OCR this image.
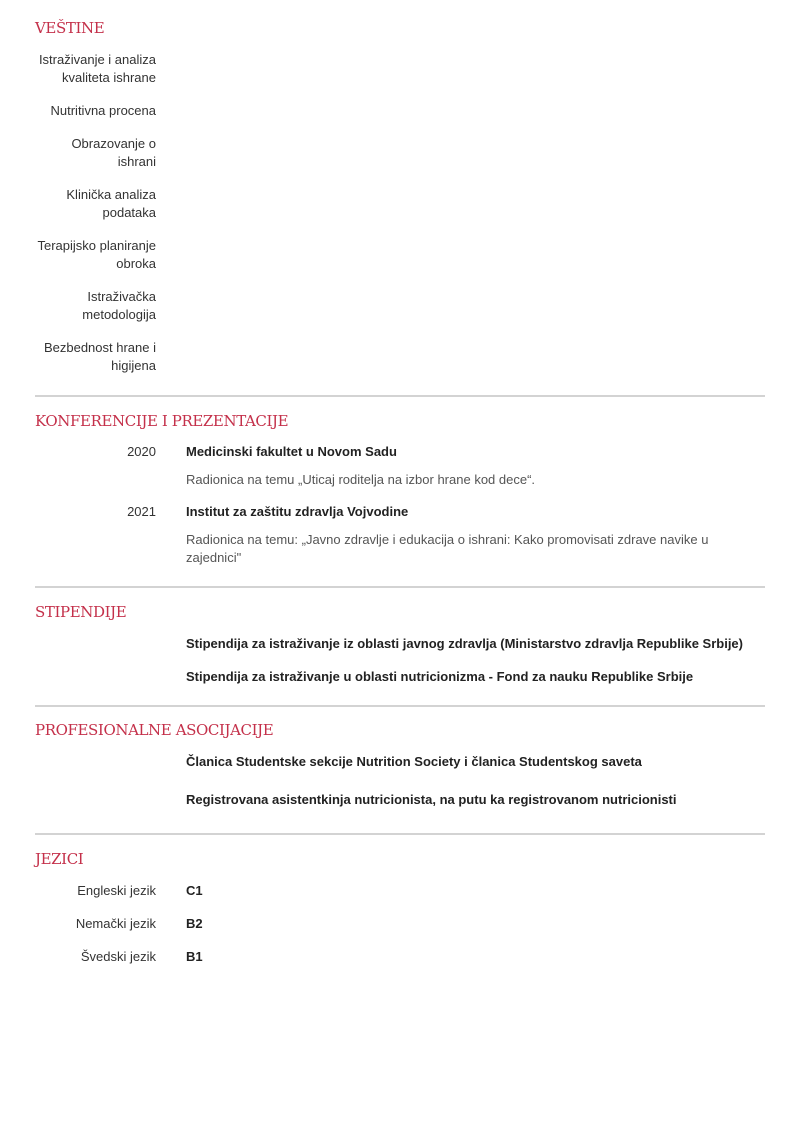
VEŠTINE
Istraživanje i analiza kvaliteta ishrane
Nutritivna procena
Obrazovanje o ishrani
Klinička analiza podataka
Terapijsko planiranje obroka
Istraživačka metodologija
Bezbednost hrane i higijena
KONFERENCIJE I PREZENTACIJE
2020 Medicinski fakultet u Novom Sadu
Radionica na temu „Uticaj roditelja na izbor hrane kod dece“.
2021 Institut za zaštitu zdravlja Vojvodine
Radionica na temu: „Javno zdravlje i edukacija o ishrani: Kako promovisati zdrave navike u zajednici"
STIPENDIJE
Stipendija za istraživanje iz oblasti javnog zdravlja (Ministarstvo zdravlja Republike Srbije)
Stipendija za istraživanje u oblasti nutricionizma - Fond za nauku Republike Srbije
PROFESIONALNE ASOCIJACIJE
Članica Studentske sekcije Nutrition Society i članica Studentskog saveta
Registrovana asistentkinja nutricionista, na putu ka registrovanom nutricionisti
JEZICI
Engleski jezik C1
Nemački jezik B2
Švedski jezik B1
